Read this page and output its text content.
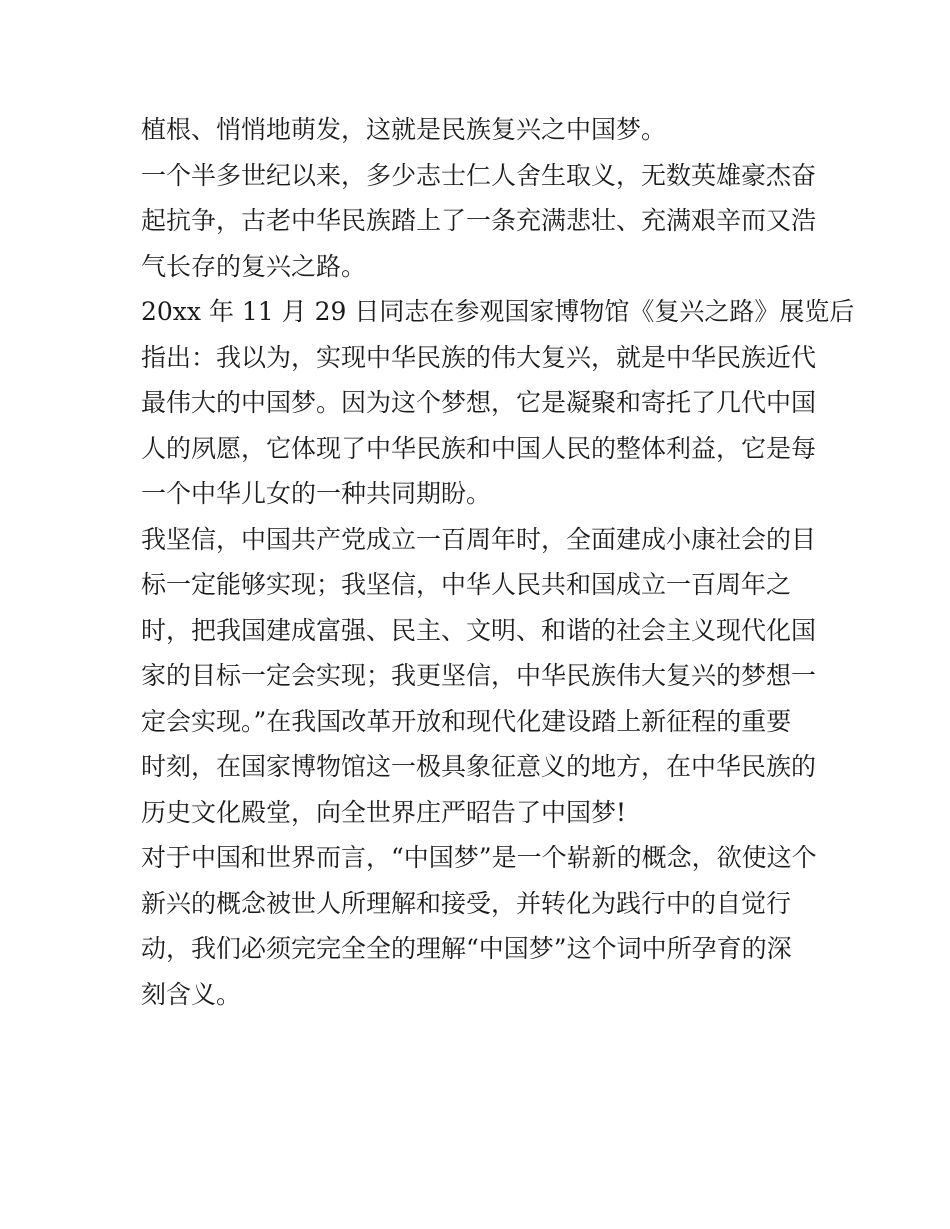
植根、悄悄地萌发，这就是民族复兴之中国梦。

一个半多世纪以来，多少志士仁人舍生取义，无数英雄豪杰奋
起抗争，古老中华民族踏上了一条充满悲壮、充满艰辛而又浩
气长存的复兴之路。

20xx 年 11 月 29 日同志在参观国家博物馆《复兴之路》展览后
指出：我以为，实现中华民族的伟大复兴，就是中华民族近代
最伟大的中国梦。因为这个梦想，它是凝聚和寄托了几代中国
人的夙愿，它体现了中华民族和中国人民的整体利益，它是每
一个中华儿女的一种共同期盼。

我坚信，中国共产党成立一百周年时，全面建成小康社会的目
标一定能够实现；我坚信，中华人民共和国成立一百周年之
时，把我国建成富强、民主、文明、和谐的社会主义现代化国
家的目标一定会实现；我更坚信，中华民族伟大复兴的梦想一
定会实现。”在我国改革开放和现代化建设踏上新征程的重要
时刻，在国家博物馆这一极具象征意义的地方，在中华民族的
历史文化殿堂，向全世界庄严昭告了中国梦!

对于中国和世界而言，“中国梦”是一个崭新的概念，欲使这个
新兴的概念被世人所理解和接受，并转化为践行中的自觉行
动，我们必须完完全全的理解“中国梦”这个词中所孕育的深
刻含义。
